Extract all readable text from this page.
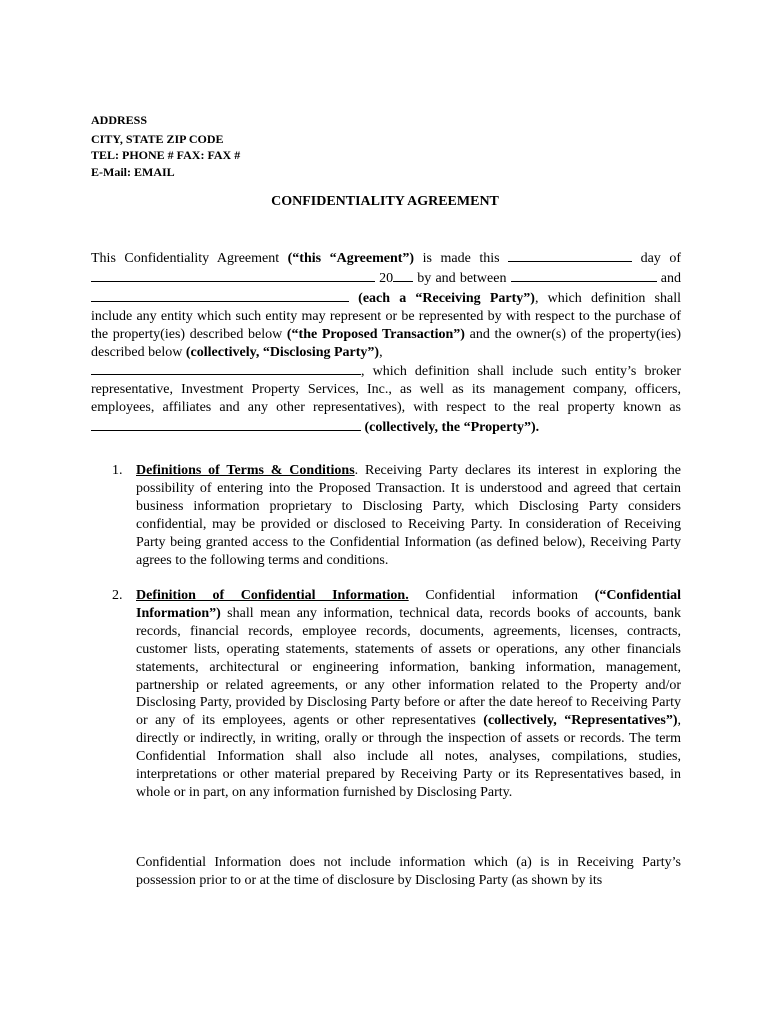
ADDRESS
CITY, STATE ZIP CODE
TEL: PHONE # FAX: FAX #
E-Mail: EMAIL
CONFIDENTIALITY AGREEMENT
This Confidentiality Agreement (“this “Agreement”) is made this	day of  20 by and between	and  (each a “Receiving Party”), which definition shall include any entity which such entity may represent or be represented by with respect to the purchase of the property(ies) described below (“the Proposed Transaction”) and the owner(s) of the property(ies) described below (collectively, “Disclosing Party”),
, which definition shall include such entity’s broker representative, Investment Property Services, Inc., as well as its management company, officers, employees, affiliates and any other representatives), with respect to the real property known as  (collectively, the “Property”).
1. Definitions of Terms & Conditions. Receiving Party declares its interest in exploring the possibility of entering into the Proposed Transaction. It is understood and agreed that certain business information proprietary to Disclosing Party, which Disclosing Party considers confidential, may be provided or disclosed to Receiving Party. In consideration of Receiving Party being granted access to the Confidential Information (as defined below), Receiving Party agrees to the following terms and conditions.
2. Definition of Confidential Information. Confidential information (“Confidential Information”) shall mean any information, technical data, records books of accounts, bank records, financial records, employee records, documents, agreements, licenses, contracts, customer lists, operating statements, statements of assets or operations, any other financials statements, architectural or engineering information, banking information, management, partnership or related agreements, or any other information related to the Property and/or Disclosing Party, provided by Disclosing Party before or after the date hereof to Receiving Party or any of its employees, agents or other representatives (collectively, “Representatives”), directly or indirectly, in writing, orally or through the inspection of assets or records. The term Confidential Information shall also include all notes, analyses, compilations, studies, interpretations or other material prepared by Receiving Party or its Representatives based, in whole or in part, on any information furnished by Disclosing Party.
Confidential Information does not include information which (a) is in Receiving Party’s possession prior to or at the time of disclosure by Disclosing Party (as shown by its
